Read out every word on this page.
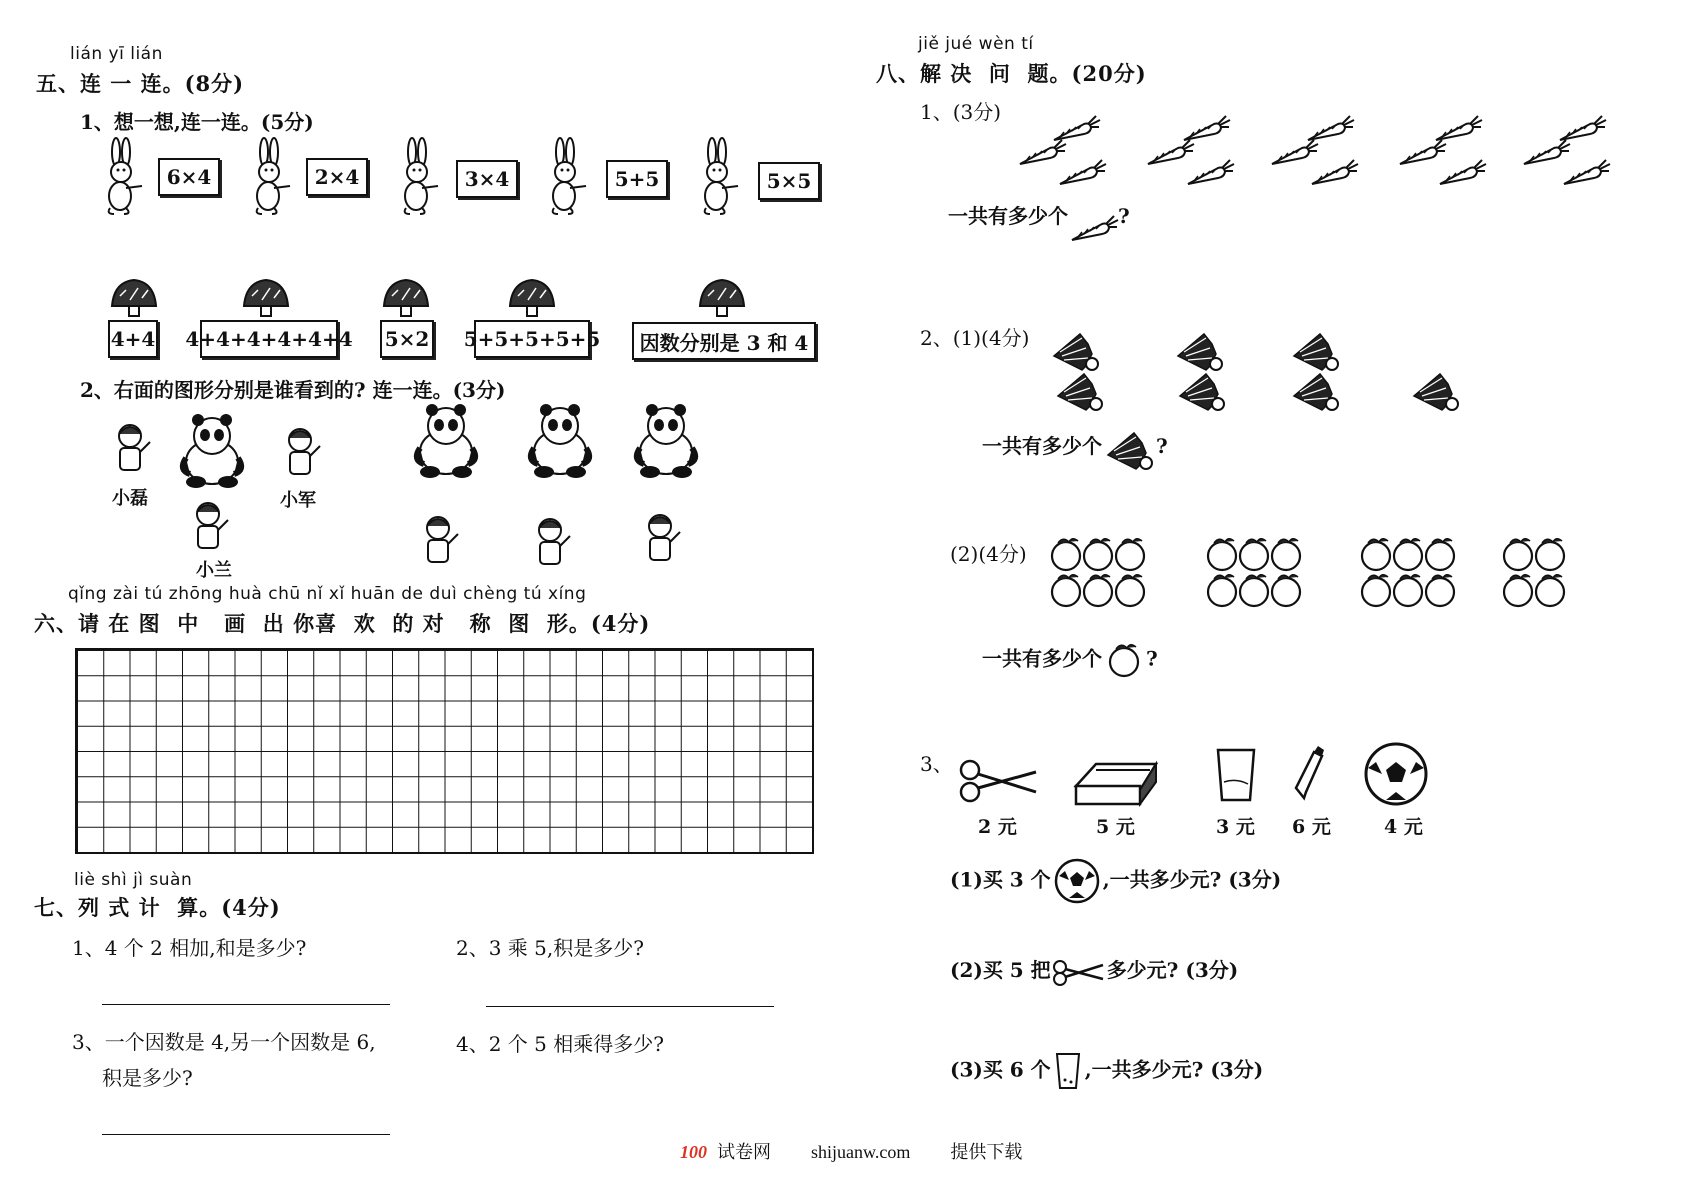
lián yī lián
五、连 一 连。(8分)
1、想一想,连一连。(5分)
6×4	2×4	3×4	5+5	5×5
4+4 4+4+4+4+4+4 5×2 5+5+5+5+5	因数分别是 3 和 4
2、右面的图形分别是谁看到的? 连一连。(3分)
小磊	小军
小兰
qǐng zài tú zhōng huà chū nǐ xǐ huān de duì chèng tú xíng
六、请 在 图  中   画  出 你喜  欢  的 对   称  图  形。(4分)
liè shì jì suàn
七、列 式 计  算。(4分)
1、4 个 2 相加,和是多少?	2、3 乘 5,积是多少?
3、一个因数是 4,另一个因数是 6,
积是多少?
4、2 个 5 相乘得多少?
jiě jué wèn tí
八、解 决  问  题。(20分)
1、(3分)
一共有多少个	?
2、(1)(4分)
一共有多少个	?
(2)(4分)
一共有多少个 ?
3、
2 元	5 元	3 元 6 元	4 元
(1)买 3 个	,一共多少元? (3分)
(2)买 5 把	多少元? (3分)
(3)买 6 个 ,一共多少元? (3分)
100 试卷网 shijuanw.com 提供下载
